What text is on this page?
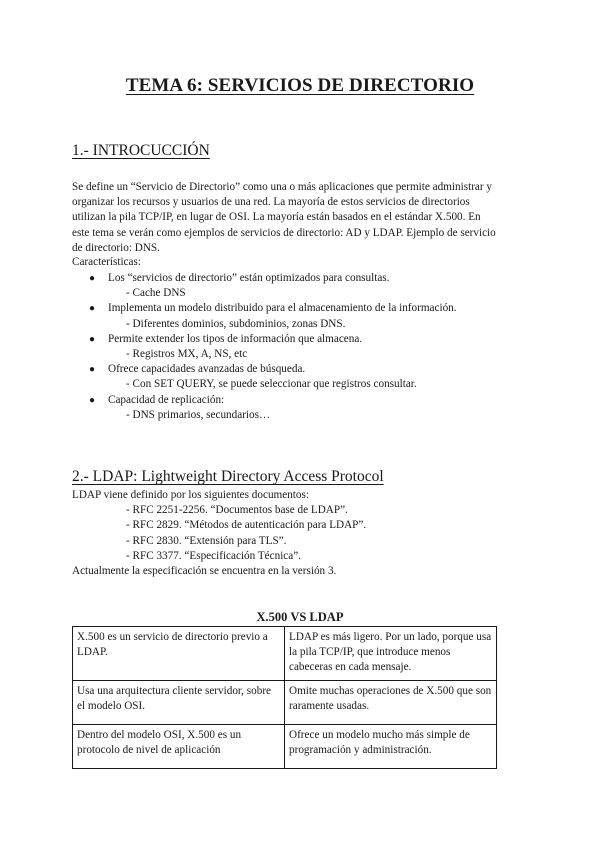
TEMA 6: SERVICIOS DE DIRECTORIO
1.- INTROCUCCIÓN
Se define un “Servicio de Directorio” como una o más aplicaciones que permite administrar y
organizar los recursos y usuarios de una red. La mayoría de estos servicios de directorios
utilizan la pila TCP/IP, en lugar de OSI. La mayoría están basados en el estándar X.500. En
este tema se verán como ejemplos de servicios de directorio: AD y LDAP. Ejemplo de servicio
de directorio: DNS.
Características:
● Los “servicios de directorio” están optimizados para consultas.
- Cache DNS
● Implementa un modelo distribuido para el almacenamiento de la información.
- Diferentes dominios, subdominios, zonas DNS.
● Permite extender los tipos de información que almacena.
- Registros MX, A, NS, etc
● Ofrece capacidades avanzadas de búsqueda.
- Con SET QUERY, se puede seleccionar que registros consultar.
● Capacidad de replicación:
- DNS primarios, secundarios…
2.- LDAP: Lightweight Directory Access Protocol
LDAP viene definido por los siguientes documentos:
- RFC 2251-2256. “Documentos base de LDAP”.
- RFC 2829. “Métodos de autenticación para LDAP”.
- RFC 2830. “Extensión para TLS”.
- RFC 3377. “Especificación Técnica”.
Actualmente la especificación se encuentra en la versión 3.
X.500 VS LDAP
X.500 es un servicio de directorio previo a LDAP.	LDAP es más ligero. Por un lado, porque usa la pila TCP/IP, que introduce menos cabeceras en cada mensaje.
Usa una arquitectura cliente servidor, sobre el modelo OSI.	Omite muchas operaciones de X.500 que son raramente usadas.
Dentro del modelo OSI, X.500 es un protocolo de nivel de aplicación	Ofrece un modelo mucho más simple de programación y administración.
